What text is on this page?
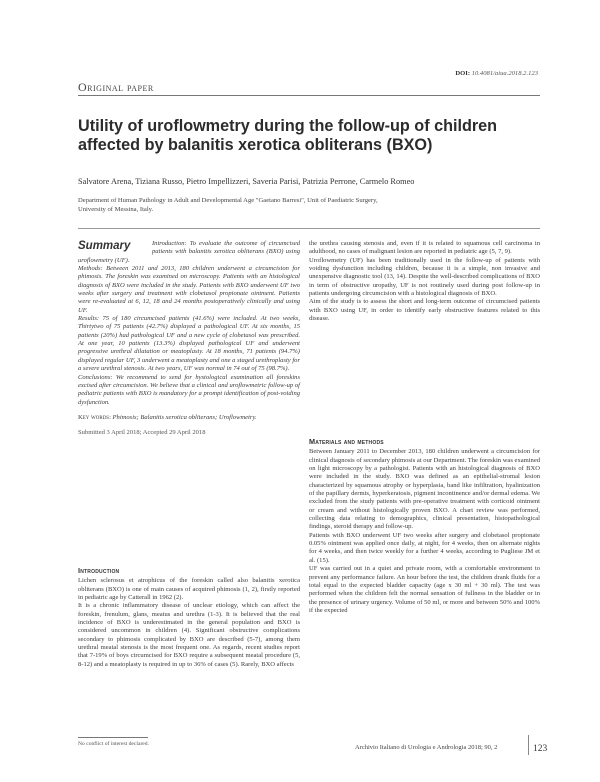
DOI: 10.4081/aiua.2018.2.123
Original paper
Utility of uroflowmetry during the follow-up of children affected by balanitis xerotica obliterans (BXO)
Salvatore Arena, Tiziana Russo, Pietro Impellizzeri, Saveria Parisi, Patrizia Perrone, Carmelo Romeo
Department of Human Pathology in Adult and Developmental Age "Gaetano Barresi", Unit of Paediatric Surgery, University of Messina, Italy.
Summary	Introduction: To evaluate the outcome of circumcised patients with balanitis xerotica obliterans (BXO) using uroflowmetry (UF).

Methods: Between 2011 and 2013, 180 children underwent a circumcision for phimosis. The foreskin was examined on microscopy. Patients with an histological diagnosis of BXO were included in the study. Patients with BXO underwent UF two weeks after surgery and treatment with clobetasol propionate ointment. Patients were re-evaluated at 6, 12, 18 and 24 months postoperatively clinically and using UF.

Results: 75 of 180 circumcised patients (41.6%) were included. At two weeks, Thirtytwo of 75 patients (42.7%) displayed a pathological UF. At six months, 15 patients (20%) had pathological UF and a new cycle of clobetasol was prescribed. At one year, 10 patients (13.3%) displayed pathological UF and underwent progressive urethral dilatation or meatoplasty. At 18 months, 71 patients (94.7%) displayed regular UF, 3 underwent a meatoplasty and one a staged urethroplasty for a severe urethral stenosis. At two years, UF was normal in 74 out of 75 (98.7%).

Conclusions: We recommend to send for hystological examination all foreskins excised after circumcision. We believe that a clinical and uroflowmetric follow-up of pediatric patients with BXO is mandatory for a prompt identification of post-voiding dysfunction.

Key words: Phimosis; Balanitis xerotica obliterans; Uroflowmetry.

Submitted 3 April 2018; Accepted 29 April 2018

the urethra causing stenosis and, even if it is related to squamous cell carcinoma in adulthood, no cases of malignant lesion are reported in pediatric age (5, 7, 9).

Uroflowmetry (UF) has been traditionally used in the follow-up of patients with voiding dysfunction including children, because it is a simple, non invasive and unexpensive diagnostic tool (13, 14). Despite the well-described complications of BXO in term of obstructive uropathy, UF is not routinely used during post follow-up in patients undergoing circumcision with a histological diagnosis of BXO.

Aim of the study is to assess the short and long-term outcome of circumcised patients with BXO using UF, in order to identify early obstructive features related to this disease.

Materials and methods

Between January 2011 to December 2013, 180 children underwent a circumcision for clinical diagnosis of secondary phimosis at our Department. The foreskin was examined on light microscopy by a pathologist. Patients with an histological diagnosis of BXO were included in the study. BXO was defined as an epithelial-stromal lesion characterized by squamous atrophy or hyperplasia, band like infiltration, hyalinization of the papillary dermis, hyperkeratosis, pigment incontinence and/or dermal edema. We excluded from the study patients with pre-operative treatment with corticoid ointment or cream and without histologically proven BXO. A chart review was performed, collecting data relating to demographics, clinical presentation, histopathological findings, steroid therapy and follow-up.

Patients with BXO underwent UF two weeks after surgery and clobetasol propionate 0.05% ointment was applied once daily, at night, for 4 weeks, then on alternate nights for 4 weeks, and then twice weekly for a further 4 weeks, according to Pugliese JM et al. (15).

UF was carried out in a quiet and private room, with a comfortable environment to prevent any performance failure. An hour before the test, the children drank fluids for a total equal to the expected bladder capacity (age x 30 ml + 30 ml). The test was performed when the children felt the normal sensation of fullness in the bladder or in the presence of urinary urgency. Volume of 50 ml, or more and between 50% and 100% if the expected

Introduction

Lichen sclerosus et atrophicus of the foreskin called also balanitis xerotica obliterans (BXO) is one of main causes of acquired phimosis (1, 2), firstly reported in pediatric age by Catterall in 1962 (2).

It is a chronic inflammatory disease of unclear etiology, which can affect the foreskin, frenulum, glans, meatus and urethra (1-3). It is believed that the real incidence of BXO is underestimated in the general population and BXO is considered uncommon in children (4). Significant obstructive complications secondary to phimosis complicated by BXO are described (5-7), among them urethral meatal stenosis is the most frequent one. As regards, recent studies report that 7-19% of boys circumcised for BXO require a subsequent meatal procedure (5, 8-12) and a meatoplasty is required in up to 36% of cases (5). Rarely, BXO affects

No conflict of interest declared.	Archivio Italiano di Urologia e Andrologia 2018; 90, 2	123
